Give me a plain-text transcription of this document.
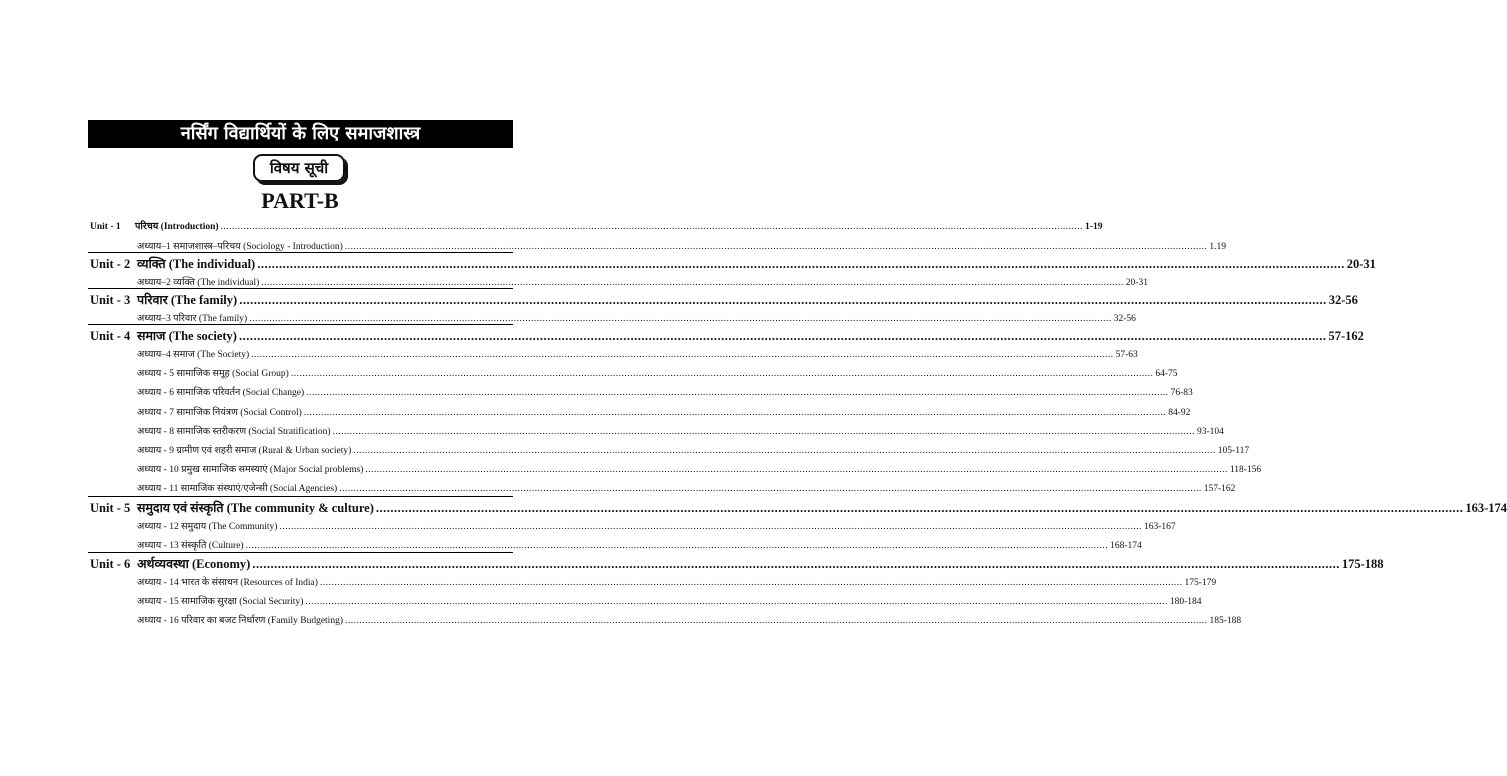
नर्सिंग विद्यार्थियों के लिए समाजशास्त्र
विषय सूची
PART-B
Unit - 1	परिचय (Introduction) ............................................................................................................................................................................................................................................................................................................ 1-19
अध्याय–1 समाजशास्त्र–परिचय (Sociology - Introduction) ............................................................................................................................................................................................................................................................................................................ 1.19
Unit - 2 व्यक्ति (The individual) ............................................................................................................................................................................................................................................................................................................ 20-31
अध्याय–2 व्यक्ति (The individual) ............................................................................................................................................................................................................................................................................................................ 20-31
Unit - 3 परिवार (The family) ............................................................................................................................................................................................................................................................................................................ 32-56
अध्याय–3 परिवार (The family) ............................................................................................................................................................................................................................................................................................................ 32-56
Unit - 4 समाज (The society) ............................................................................................................................................................................................................................................................................................................ 57-162
अध्याय–4 समाज (The Society) ............................................................................................................................................................................................................................................................................................................ 57-63
अध्याय - 5 सामाजिक समूह (Social Group) ............................................................................................................................................................................................................................................................................................................ 64-75
अध्याय - 6 सामाजिक परिवर्तन (Social Change) ............................................................................................................................................................................................................................................................................................................ 76-83
अध्याय - 7 सामाजिक नियंत्रण (Social Control) ............................................................................................................................................................................................................................................................................................................ 84-92
अध्याय - 8 सामाजिक स्तरीकरण (Social Stratification) ............................................................................................................................................................................................................................................................................................................ 93-104
अध्याय - 9 ग्रामीण एवं शहरी समाज (Rural & Urban society) ............................................................................................................................................................................................................................................................................................................ 105-117
अध्याय - 10 प्रमुख सामाजिक समस्याएं (Major Social problems) ............................................................................................................................................................................................................................................................................................................ 118-156
अध्याय - 11 सामाजिक संस्थाएं/एजेन्सी (Social Agencies) ............................................................................................................................................................................................................................................................................................................ 157-162
Unit - 5 समुदाय एवं संस्कृति (The community & culture) ............................................................................................................................................................................................................................................................................................................ 163-174
अध्याय - 12 समुदाय (The Community) ............................................................................................................................................................................................................................................................................................................ 163-167
अध्याय - 13 संस्कृति (Culture) ............................................................................................................................................................................................................................................................................................................ 168-174
Unit - 6 अर्थव्यवस्था (Economy) ............................................................................................................................................................................................................................................................................................................ 175-188
अध्याय - 14 भारत के संसाधन (Resources of India) ............................................................................................................................................................................................................................................................................................................ 175-179
अध्याय - 15 सामाजिक सुरक्षा (Social Security) ............................................................................................................................................................................................................................................................................................................ 180-184
अध्याय - 16 परिवार का बजट निर्धारण (Family Budgeting) ............................................................................................................................................................................................................................................................................................................ 185-188
